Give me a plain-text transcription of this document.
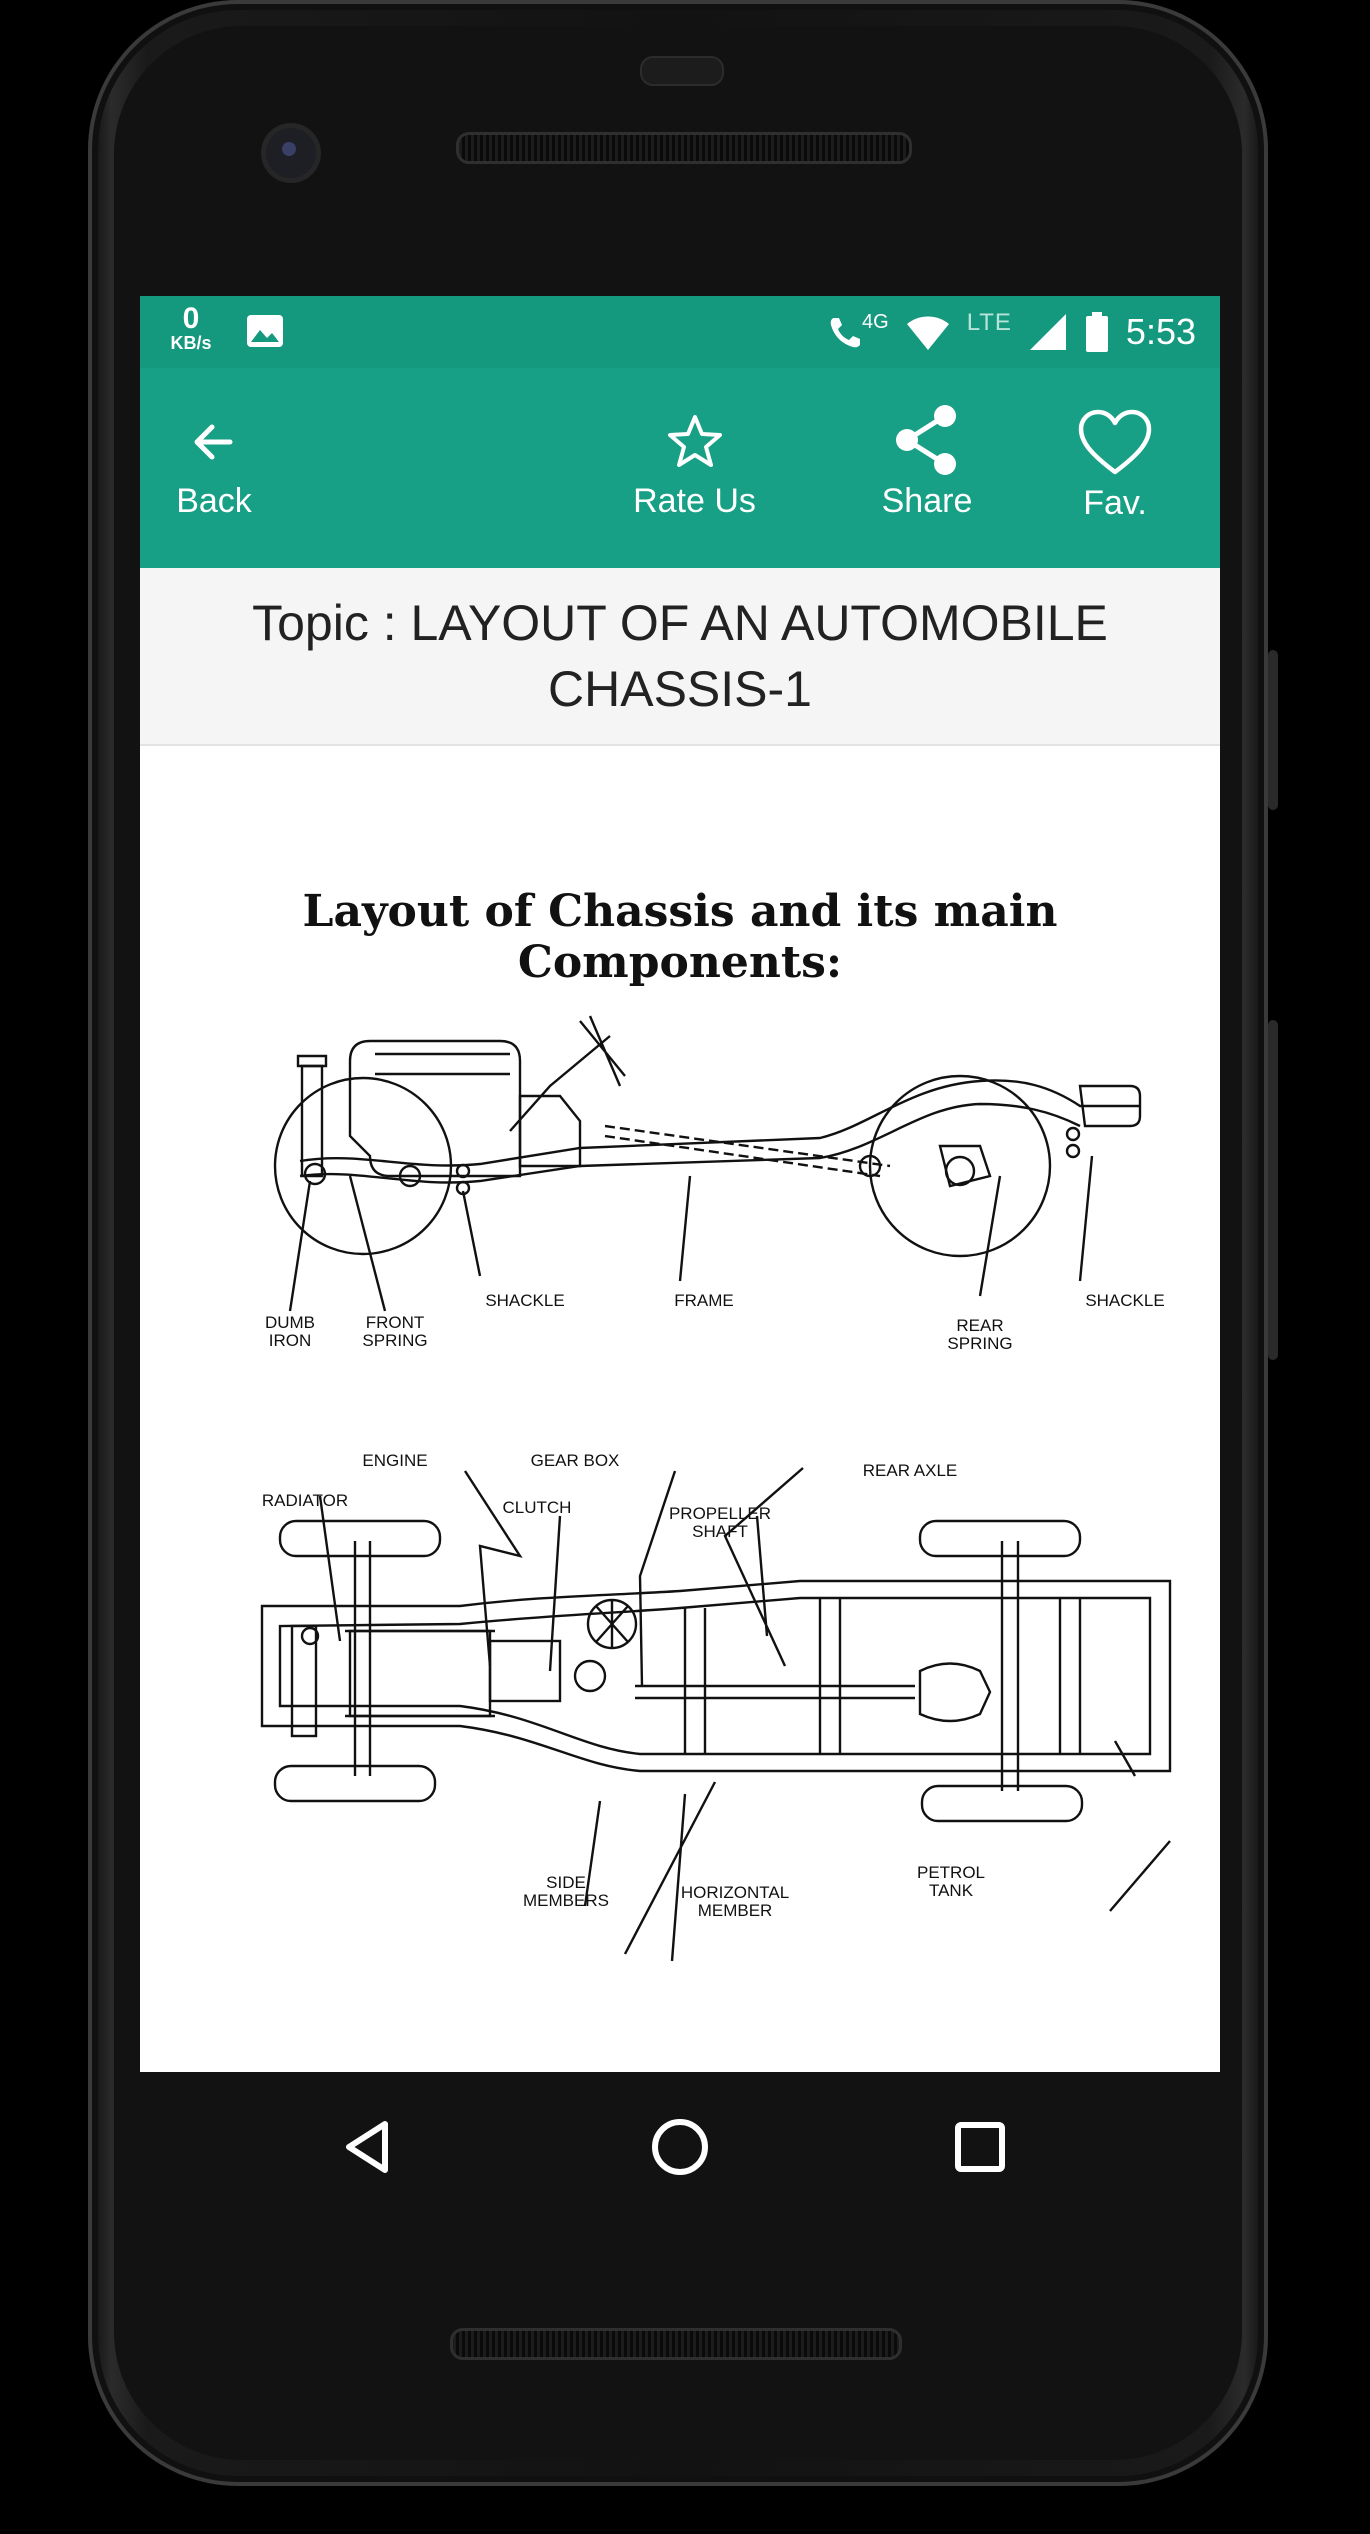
0
KB/s
4G	LTE	5:53
Back	Rate Us	Share	Fav.
Topic : LAYOUT OF AN AUTOMOBILE CHASSIS-1
Layout of Chassis and its main Components:
DUMB IRON
FRONT SPRING
SHACKLE	FRAME
REAR SPRING
SHACKLE
ENGINE	GEAR BOX
REAR AXLE
RADIATOR	CLUTCH	PROPELLER SHAFT
SIDE MEMBERS	HORIZONTAL MEMBER
PETROL TANK
